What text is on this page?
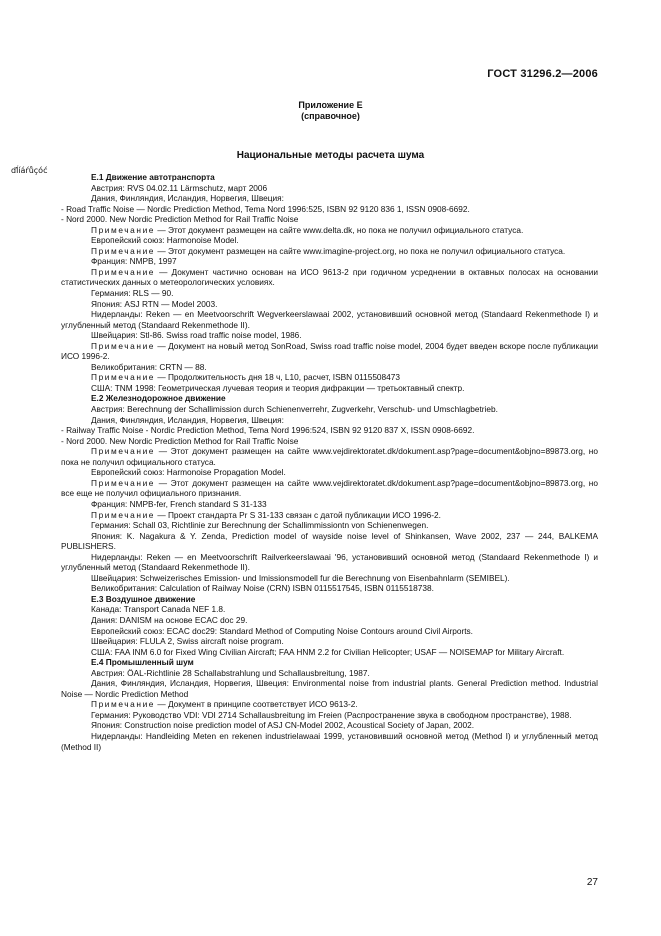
ГОСТ 31296.2—2006
Приложение Е
(справочное)
Национальные методы расчета шума
ďĺíáŕůçóć

Е.1 Движение автотранспорта

Австрия: RVS 04.02.11 Lärmschutz, март 2006

Дания, Финляндия, Исландия, Норвегия, Швеция:

- Road Traffic Noise — Nordic Prediction Method, Tema Nord 1996:525, ISBN 92 9120 836 1, ISSN 0908-6692.

- Nord 2000. New Nordic Prediction Method for Rail Traffic Noise

Примечание — Этот документ размещен на сайте www.delta.dk, но пока не получил официального статуса.

Европейский союз: Harmonoise Model.

Примечание — Этот документ размещен на сайте www.imagine-project.org, но пока не получил официального статуса.

Франция: NMPB, 1997

Примечание — Документ частично основан на ИСО 9613-2 при годичном усреднении в октавных полосах на основании статистических данных о метеорологических условиях.

Германия: RLS — 90.

Япония: ASJ RTN — Model 2003.

Нидерланды: Reken — en Meetvoorschrift Wegverkeerslawaai 2002, установивший основной метод (Standaard Rekenmethode I) и углубленный метод (Standaard Rekenmethode II).

Швейцария: Stl-86. Swiss road traffic noise model, 1986.

Примечание — Документ на новый метод SonRoad, Swiss road traffic noise model, 2004 будет введен вскоре после публикации ИСО 1996-2.

Великобритания: CRTN — 88.

Примечание — Продолжительность дня 18 ч, L10, расчет, ISBN 0115508473

США: TNM 1998: Геометрическая лучевая теория и теория дифракции — третьоктавный спектр.

Е.2 Железнодорожное движение

Австрия: Berechnung der Schallimission durch Schienenverrehr, Zugverkehr, Verschub- und Umschlagbetrieb.

Дания, Финляндия, Исландия, Норвегия, Швеция:

- Railway Traffic Noise - Nordic Prediction Method, Tema Nord 1996:524, ISBN 92 9120 837 X, ISSN 0908-6692.

- Nord 2000. New Nordic Prediction Method for Rail Traffic Noise

Примечание — Этот документ размещен на сайте www.vejdirektoratet.dk/dokument.asp?page=document&objno=89873.org, но пока не получил официального статуса.

Европейский союз: Harmonoise Propagation Model.

Примечание — Этот документ размещен на сайте www.vejdirektoratet.dk/dokument.asp?page=document&objno=89873.org, но все еще не получил официального признания.

Франция: NMPB-fer, French standard S 31-133

Примечание — Проект стандарта Pr S 31-133 связан с датой публикации ИСО 1996-2.

Германия: Schall 03, Richtlinie zur Berechnung der Schallimmissiontn von Schienenwegen.

Япония: K. Nagakura & Y. Zenda, Prediction model of wayside noise level of Shinkansen, Wave 2002, 237 — 244, BALKEMA PUBLISHERS.

Нидерланды: Reken — en Meetvoorschrift Railverkeerslawaai '96, установивший основной метод (Standaard Rekenmethode I) и углубленный метод (Standaard Rekenmethode II).

Швейцария: Schweizerisches Emission- und Imissionsmodell fur die Berechnung von Eisenbahnlarm (SEMIBEL).

Великобритания: Calculation of Railway Noise (CRN) ISBN 0115517545, ISBN 0115518738.

Е.3 Воздушное движение

Канада: Transport Canada NEF 1.8.

Дания: DANISM на основе ECAC doc 29.

Европейский союз: ECAC doc29: Standard Method of Computing Noise Contours around Civil Airports.

Швейцария: FLULA 2, Swiss aircraft noise program.

США: FAA INM 6.0 for Fixed Wing Civilian Aircraft; FAA HNM 2.2 for Civilian Helicopter; USAF — NOISEMAP for Military Aircraft.

Е.4 Промышленный шум

Австрия: ÖAL-Richtlinie 28 Schallabstrahlung und Schallausbreitung, 1987.

Дания, Финляндия, Исландия, Норвегия, Швеция: Environmental noise from industrial plants. General Prediction method. Industrial Noise — Nordic Prediction Method

Примечание — Документ в принципе соответствует ИСО 9613-2.

Германия: Руководство VDI: VDI 2714 Schallausbreitung im Freien (Распространение звука в свободном пространстве), 1988.

Япония: Construction noise prediction model of ASJ CN-Model 2002, Acoustical Society of Japan, 2002.

Нидерланды: Handleiding Meten en rekenen industrielawaai 1999, установивший основной метод (Method I) и углубленный метод (Method II)

27
